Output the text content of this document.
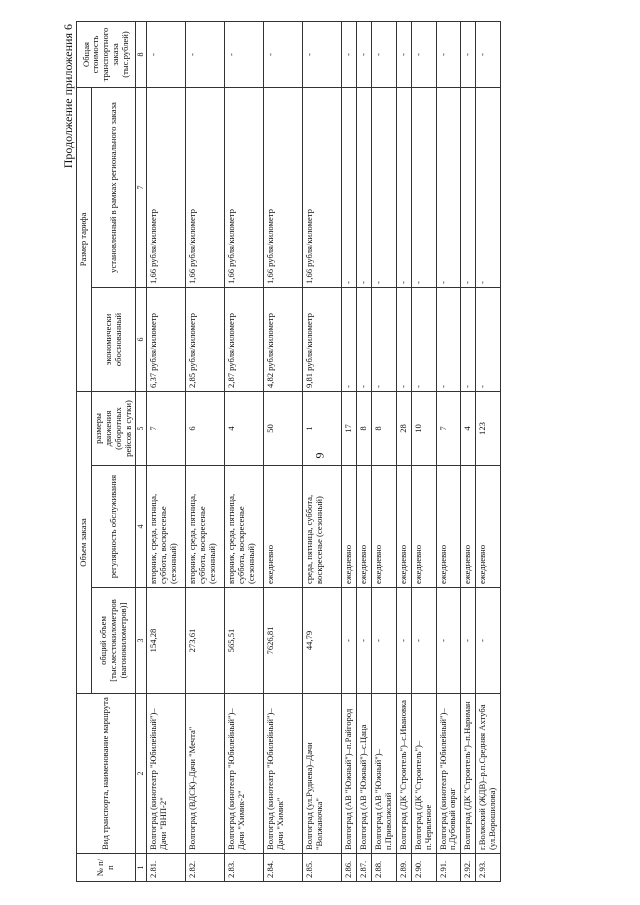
9
Продолжение приложения 6
№ п/п	Вид транспорта, наименование маршрута	Объем заказа			Размер тарифа		Общая стоимость транспортного заказа (тыс.рублей)
		общий объем [тыс.местокилометров (вагонокилометров)]	регулярность обслуживания	размеры движения (оборотных рейсов в сутки)	экономически обоснованный	установленный в рамках регионального заказа	
1	2	3	4	5	6	7	8
2.81.	Волгоград (кинотеатр "Юбилейный")–Дачи "ВНП-2"	154,28	вторник, среда, пятница, суббота, воскресенье (сезонный)	7	6,37 рубля/километр	1,66 рубля/километр	-
2.82.	Волгоград (ВДСК)–Дачи "Мечта"	273,61	вторник, среда, пятница, суббота, воскресенье (сезонный)	6	2,85 рубля/километр	1,66 рубля/километр	-
2.83.	Волгоград (кинотеатр "Юбилейный")–Дачи "Химик-2"	565,51	вторник, среда, пятница, суббота, воскресенье (сезонный)	4	2,87 рубля/километр	1,66 рубля/километр	-
2.84.	Волгоград (кинотеатр "Юбилейный")–Дачи "Химик"	7626,81	ежедневно	50	4,82 рубля/километр	1,66 рубля/километр	-
2.85.	Волгоград (ул.Руднева)–Дачи "Волжаночка"	44,79	среда, пятница, суббота, воскресенье (сезонный)	1	9,81 рубля/километр	1,66 рубля/километр	-
2.86.	Волгоград (АВ "Южный")–п.Райгород	-	ежедневно	17	-	-	-
2.87.	Волгоград (АВ "Южный")–с.Цаца	-	ежедневно	8	-	-	-
2.88.	Волгоград (АВ "Южный")–п.Приволжский	-	ежедневно	8	-	-	-
2.89.	Волгоград (ДК "Строитель")–с.Ивановка	-	ежедневно	28	-	-	-
2.90.	Волгоград (ДК "Строитель")–п.Червленое	-	ежедневно	10	-	-	-
2.91.	Волгоград (кинотеатр "Юбилейный")–п.Дубовый овраг	-	ежедневно	7	-	-	-
2.92.	Волгоград (ДК "Строитель")–п.Нариман	-	ежедневно	4	-	-	-
2.93.	г.Волжский (ЖДВ)–р.п.Средняя Ахтуба (ул.Ворошилова)	-	ежедневно	123	-	-	-
